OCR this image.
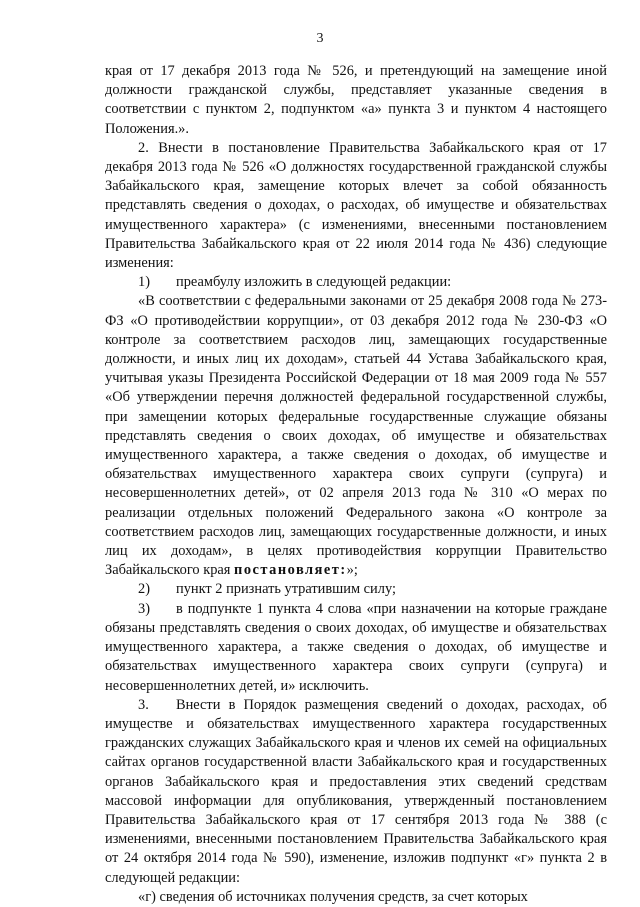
3

края от 17 декабря 2013 года № 526, и претендующий на замещение иной должности гражданской службы, представляет указанные сведения в соответствии с пунктом 2, подпунктом «а» пункта 3 и пунктом 4 настоящего Положения.».

2. Внести в постановление Правительства Забайкальского края от 17 декабря 2013 года № 526 «О должностях государственной гражданской службы Забайкальского края, замещение которых влечет за собой обязанность представлять сведения о доходах, о расходах, об имуществе и обязательствах имущественного характера» (с изменениями, внесенными постановлением Правительства Забайкальского края от 22 июля 2014 года № 436) следующие изменения:

1) преамбулу изложить в следующей редакции:

«В соответствии с федеральными законами от 25 декабря 2008 года № 273-ФЗ «О противодействии коррупции», от 03 декабря 2012 года № 230-ФЗ «О контроле за соответствием расходов лиц, замещающих государственные должности, и иных лиц их доходам», статьей 44 Устава Забайкальского края, учитывая указы Президента Российской Федерации от 18 мая 2009 года № 557 «Об утверждении перечня должностей федеральной государственной службы, при замещении которых федеральные государственные служащие обязаны представлять сведения о своих доходах, об имуществе и обязательствах имущественного характера, а также сведения о доходах, об имуществе и обязательствах имущественного характера своих супруги (супруга) и несовершеннолетних детей», от 02 апреля 2013 года № 310 «О мерах по реализации отдельных положений Федерального закона «О контроле за соответствием расходов лиц, замещающих государственные должности, и иных лиц их доходам», в целях противодействия коррупции Правительство Забайкальского края постановляет:»;

2) пункт 2 признать утратившим силу;

3) в подпункте 1 пункта 4 слова «при назначении на которые граждане обязаны представлять сведения о своих доходах, об имуществе и обязательствах имущественного характера, а также сведения о доходах, об имуществе и обязательствах имущественного характера своих супруги (супруга) и несовершеннолетних детей, и» исключить.

3. Внести в Порядок размещения сведений о доходах, расходах, об имуществе и обязательствах имущественного характера государственных гражданских служащих Забайкальского края и членов их семей на официальных сайтах органов государственной власти Забайкальского края и государственных органов Забайкальского края и предоставления этих сведений средствам массовой информации для опубликования, утвержденный постановлением Правительства Забайкальского края от 17 сентября 2013 года № 388 (с изменениями, внесенными постановлением Правительства Забайкальского края от 24 октября 2014 года № 590), изменение, изложив подпункт «г» пункта 2 в следующей редакции:

«г) сведения об источниках получения средств, за счет которых
